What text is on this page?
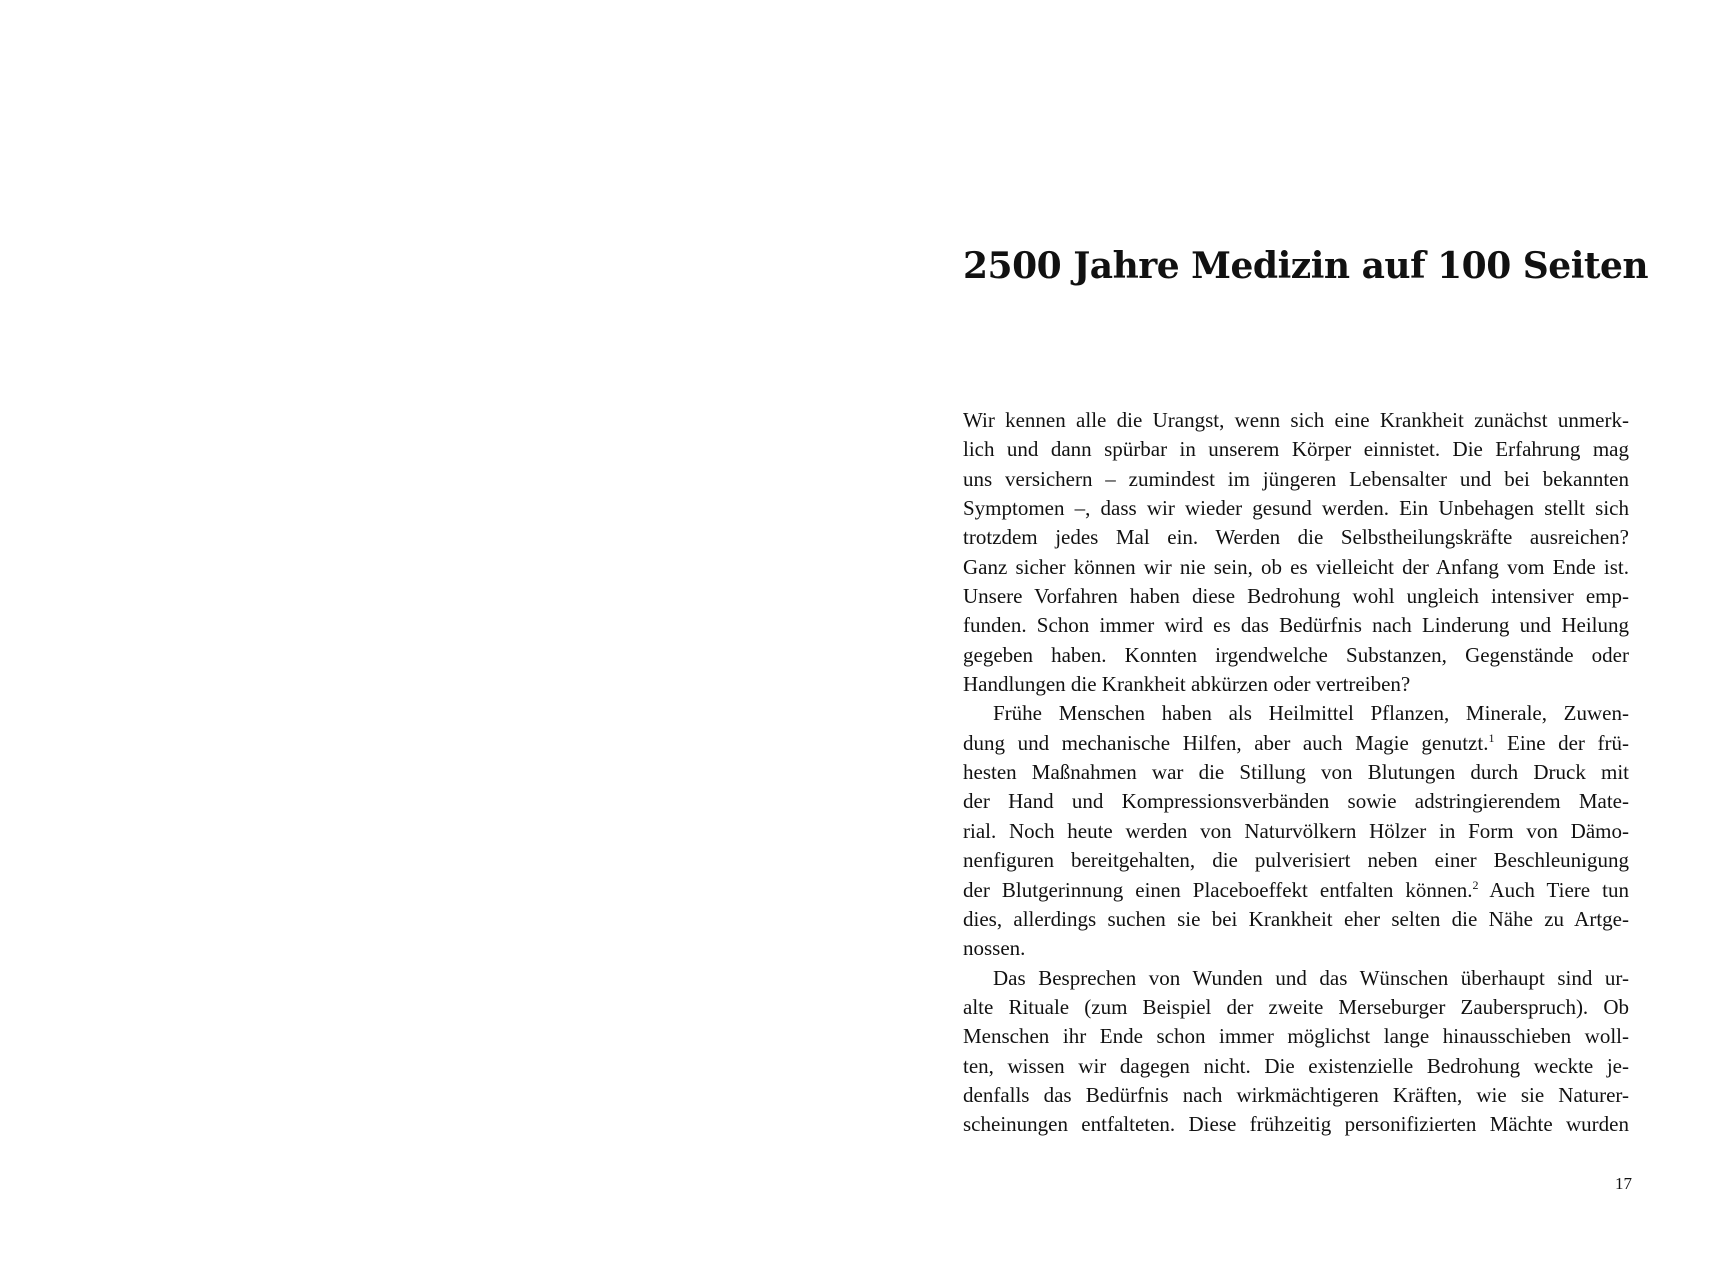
2500 Jahre Medizin auf 100 Seiten
Wir kennen alle die Urangst, wenn sich eine Krankheit zunächst unmerk-
lich und dann spürbar in unserem Körper einnistet. Die Erfahrung mag
uns versichern – zumindest im jüngeren Lebensalter und bei bekannten
Symptomen –, dass wir wieder gesund werden. Ein Unbehagen stellt sich
trotzdem jedes Mal ein. Werden die Selbstheilungskräfte ausreichen?
Ganz sicher können wir nie sein, ob es vielleicht der Anfang vom Ende ist.
Unsere Vorfahren haben diese Bedrohung wohl ungleich intensiver emp-
funden. Schon immer wird es das Bedürfnis nach Linderung und Heilung
gegeben haben. Konnten irgendwelche Substanzen, Gegenstände oder
Handlungen die Krankheit abkürzen oder vertreiben?
Frühe Menschen haben als Heilmittel Pflanzen, Minerale, Zuwen-
dung und mechanische Hilfen, aber auch Magie genutzt.$^1$ Eine der frü-
hesten Maßnahmen war die Stillung von Blutungen durch Druck mit
der Hand und Kompressionsverbänden sowie adstringierendem Mate-
rial. Noch heute werden von Naturvölkern Hölzer in Form von Dämo-
nenfiguren bereitgehalten, die pulverisiert neben einer Beschleunigung
der Blutgerinnung einen Placeboeffekt entfalten können.$^2$ Auch Tiere tun
dies, allerdings suchen sie bei Krankheit eher selten die Nähe zu Artge-
nossen.
Das Besprechen von Wunden und das Wünschen überhaupt sind ur-
alte Rituale (zum Beispiel der zweite Merseburger Zauberspruch). Ob
Menschen ihr Ende schon immer möglichst lange hinausschieben woll-
ten, wissen wir dagegen nicht. Die existenzielle Bedrohung weckte je-
denfalls das Bedürfnis nach wirkmächtigeren Kräften, wie sie Naturer-
scheinungen entfalteten. Diese frühzeitig personifizierten Mächte wurden
17
